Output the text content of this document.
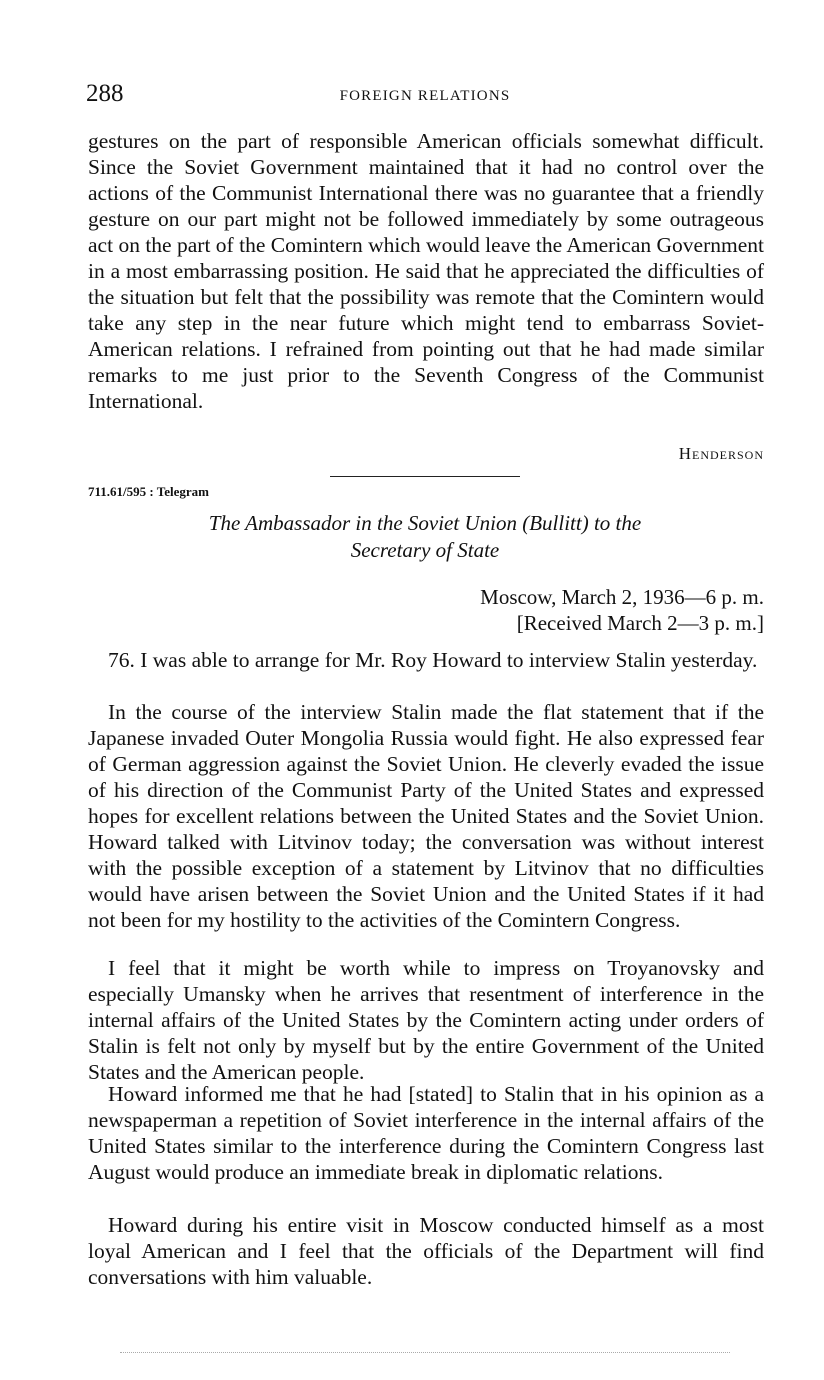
288	FOREIGN RELATIONS

gestures on the part of responsible American officials somewhat difficult. Since the Soviet Government maintained that it had no control over the actions of the Communist International there was no guarantee that a friendly gesture on our part might not be followed immediately by some outrageous act on the part of the Comintern which would leave the American Government in a most embarrassing position. He said that he appreciated the difficulties of the situation but felt that the possibility was remote that the Comintern would take any step in the near future which might tend to embarrass Soviet-American relations. I refrained from pointing out that he had made similar remarks to me just prior to the Seventh Congress of the Communist International.

Henderson
711.61/595 : Telegram
The Ambassador in the Soviet Union (Bullitt) to the
Secretary of State
Moscow, March 2, 1936—6 p. m.
[Received March 2—3 p. m.]

76. I was able to arrange for Mr. Roy Howard to interview Stalin yesterday.

In the course of the interview Stalin made the flat statement that if the Japanese invaded Outer Mongolia Russia would fight. He also expressed fear of German aggression against the Soviet Union. He cleverly evaded the issue of his direction of the Communist Party of the United States and expressed hopes for excellent relations between the United States and the Soviet Union. Howard talked with Litvinov today; the conversation was without interest with the possible exception of a statement by Litvinov that no difficulties would have arisen between the Soviet Union and the United States if it had not been for my hostility to the activities of the Comintern Congress.

I feel that it might be worth while to impress on Troyanovsky and especially Umansky when he arrives that resentment of interference in the internal affairs of the United States by the Comintern acting under orders of Stalin is felt not only by myself but by the entire Government of the United States and the American people.

Howard informed me that he had [stated] to Stalin that in his opinion as a newspaperman a repetition of Soviet interference in the internal affairs of the United States similar to the interference during the Comintern Congress last August would produce an immediate break in diplomatic relations.

Howard during his entire visit in Moscow conducted himself as a most loyal American and I feel that the officials of the Department will find conversations with him valuable.
